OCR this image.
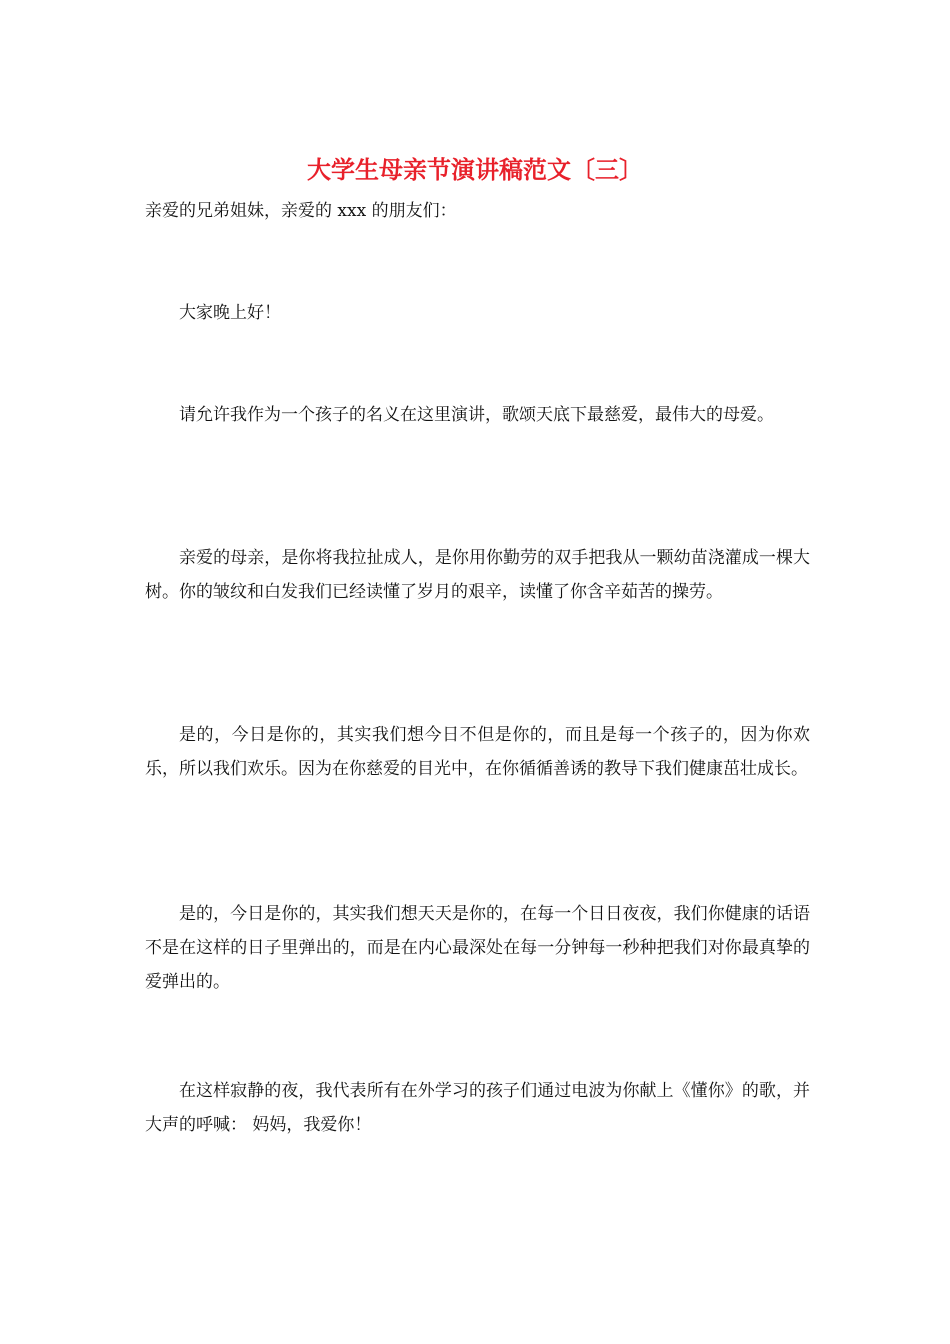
大学生母亲节演讲稿范文〔三〕

亲爱的兄弟姐妹，亲爱的 xxx 的朋友们：

大家晚上好！

请允许我作为一个孩子的名义在这里演讲，歌颂天底下最慈爱，最伟大的母爱。

亲爱的母亲，是你将我拉扯成人，是你用你勤劳的双手把我从一颗幼苗浇灌成一棵大树。你的皱纹和白发我们已经读懂了岁月的艰辛，读懂了你含辛茹苦的操劳。

是的，今日是你的，其实我们想今日不但是你的，而且是每一个孩子的，因为你欢乐，所以我们欢乐。因为在你慈爱的目光中，在你循循善诱的教导下我们健康茁壮成长。

是的，今日是你的，其实我们想天天是你的，在每一个日日夜夜，我们你健康的话语不是在这样的日子里弹出的，而是在内心最深处在每一分钟每一秒种把我们对你最真挚的爱弹出的。

在这样寂静的夜，我代表所有在外学习的孩子们通过电波为你献上《懂你》的歌，并大声的呼喊： 妈妈，我爱你！
